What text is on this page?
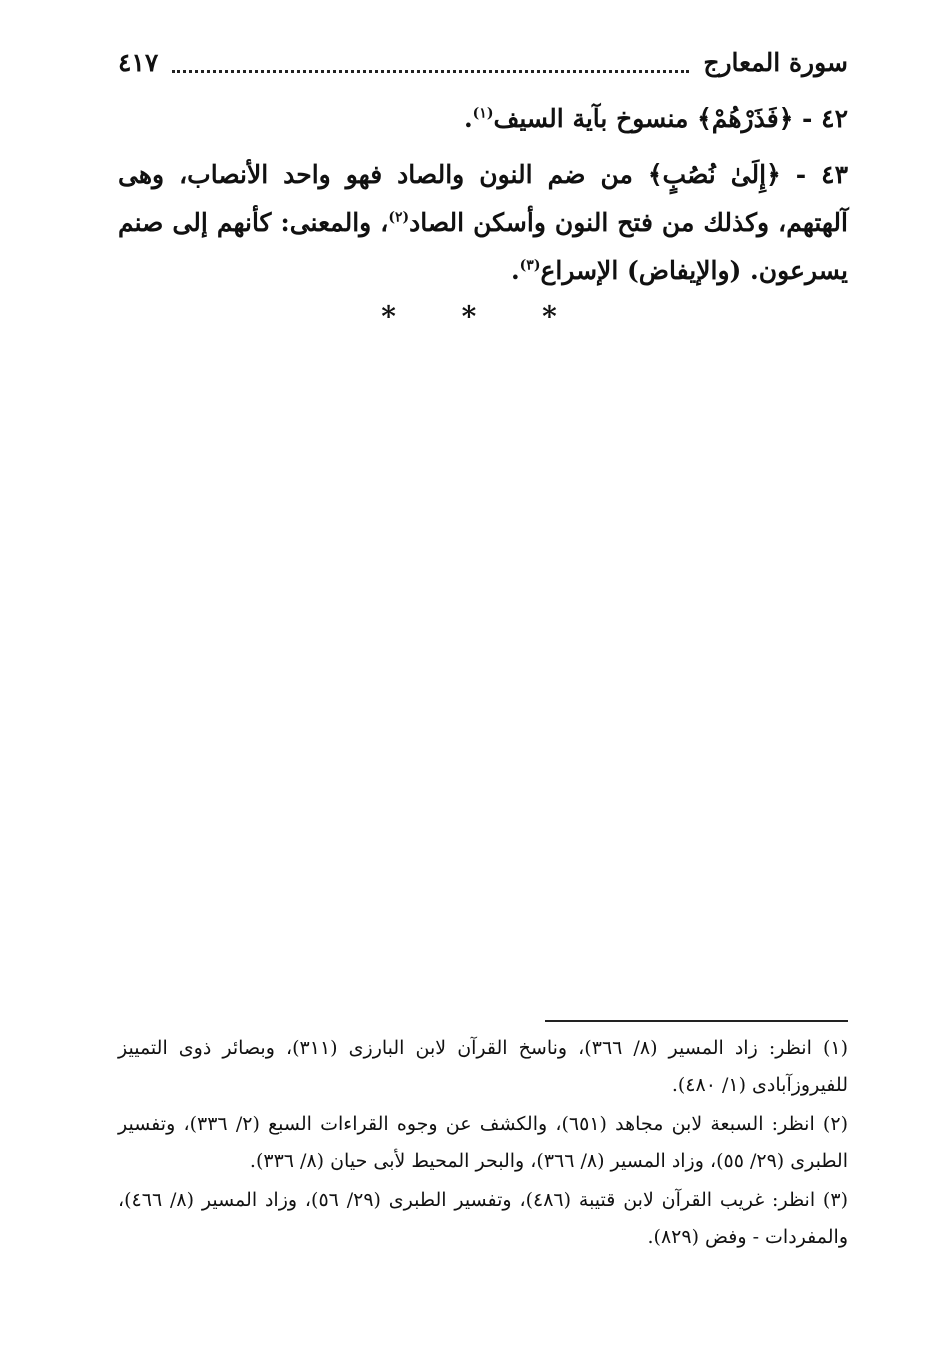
سورة المعارج
٤١٧

٤٢ - ﴿فَذَرْهُمْ﴾ منسوخ بآية السيف$^{(١)}$.

٤٣ - ﴿إِلَىٰ نُصُبٍ﴾ من ضم النون والصاد فهو واحد الأنصاب، وهى آلهتهم، وكذلك من فتح النون وأسكن الصاد$^{(٢)}$، والمعنى: كأنهم إلى صنم يسرعون. (والإيفاض) الإسراع$^{(٣)}$.

* * *

(١) انظر: زاد المسير (٨/ ٣٦٦)، وناسخ القرآن لابن البارزى (٣١١)، وبصائر ذوى التمييز للفيروزآبادى (١/ ٤٨٠).

(٢) انظر: السبعة لابن مجاهد (٦٥١)، والكشف عن وجوه القراءات السبع (٢/ ٣٣٦)، وتفسير الطبرى (٢٩/ ٥٥)، وزاد المسير (٨/ ٣٦٦)، والبحر المحيط لأبى حيان (٨/ ٣٣٦).

(٣) انظر: غريب القرآن لابن قتيبة (٤٨٦)، وتفسير الطبرى (٢٩/ ٥٦)، وزاد المسير (٨/ ٤٦٦)، والمفردات - وفض (٨٢٩).
